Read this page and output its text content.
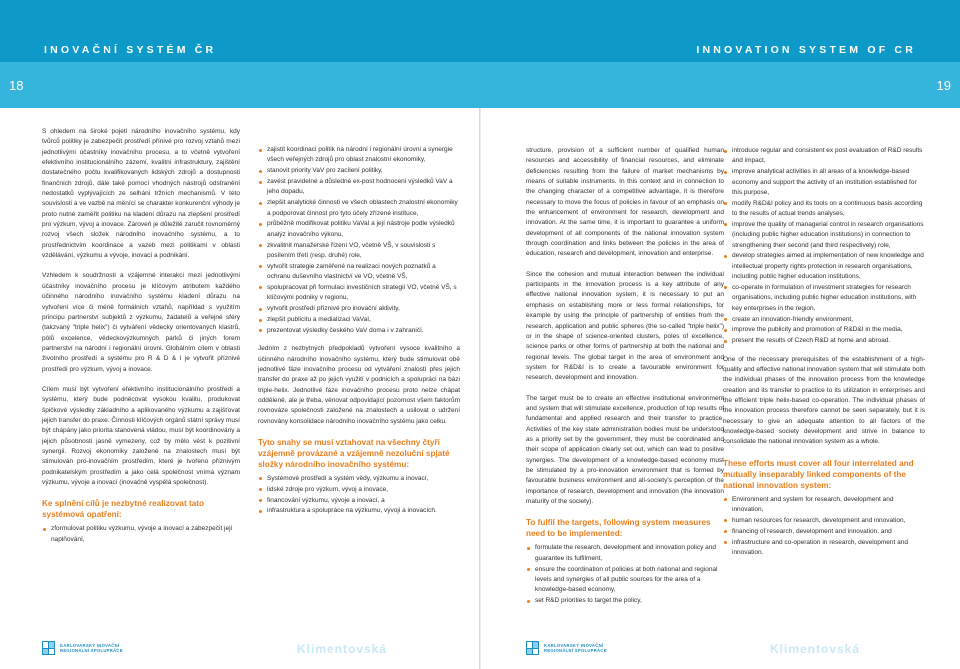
INOVAČNÍ SYSTÉM ČR	INNOVATION SYSTEM OF CR
18	19

S ohledem na široké pojetí národního inovačního systému, kdy tvůrců politiky je zabezpečit prostředí přínivé pro rozvoj vztahů mezi jednotlivými účastníky inovačního procesu, a to včetně vytvoření efektivního institucionálního zázemí, kvalitní infrastruktury, zajištění dostatečného počtu kvalifikovaných lidských zdrojů a dostupnosti finančních zdrojů, dále také pomocí vhodných nástrojů odstranění nedostatků vyplývajících ze selhání tržních mechanismů. V této souvislosti a ve vazbě na měnící se charakter konkurenční výhody je proto nutné zaměřit politiku na kladení důrazu na zlepšení prostředí pro výzkum, vývoj a inovace. Zároveň je důležité zaručit rovnoměrný rozvoj všech složek národního inovačního systému, a to prostřednictvím koordinace a vazeb mezi politikami v oblasti vzdělávání, výzkumu a vývoje, inovací a podnikání.

Vzhledem k soudržnosti a vzájemné interakci mezi jednotlivými účastníky inovačního procesu je klíčovým atributem každého účinného národního inovačního systému kladení důrazu na vytvoření více či méně formálních vztahů, například s využitím principu partnerství subjektů z výzkumu, žadatelů a veřejné sféry (takzvaný "triple helix") či vytváření vědecky orientovaných klastrů, pólů excelence, vědeckovýzkumných parků či jiných forem partnerství na národní i regionální úrovni. Globálním cílem v oblasti životního prostředí a systému pro R & D & I je vytvořit příznivé prostředí pro výzkum, vývoj a inovace.

Cílem musí být vytvoření efektivního institucionálního prostředí a systému, který bude podněcovat vysokou kvalitu, produkovat špičkové výsledky základního a aplikovaného výzkumu a zajišťovat jejich transfer do praxe. Činnosti klíčových orgánů státní správy musí být chápány jako priorita stanovená vládou, musí být koordinovány a jejich působnosti jasně vymezeny, což by mělo vést k pozitivní synergii. Rozvoj ekonomiky založené na znalostech musí být stimulován pro-inovačním prostředím, které je tvořeno příznivým podnikatelským prostředím a jako celá společnost vnímá význam výzkumu, vývoje a inovací (inovačně vyspělá společnost).

Ke splnění cílů je nezbytné realizovat tato systémová opatření:
zformulovat politiku výzkumu, vývoje a inovací a zabezpečit její naplňování,
zajistit koordinaci politik na národní i regionální úrovni a synergie všech veřejných zdrojů pro oblast znalostní ekonomiky,
stanovit priority VaV pro zacílení politiky,
zavést pravidelné a důsledné ex-post hodnocení výsledků VaV a jeho dopadu,
zlepšit analytické činnosti ve všech oblastech znalostní ekonomiky a podporovat činnost pro tyto účely zřízené instituce,
průběžně modifikovat politiku VaVaI a její nástroje podle výsledků analýz inovačního výkonu,
zkvalitnit manažerské řízení VO, včetně VŠ, v souvislosti s posílením třetí (resp. druhé) role,
vytvořit strategie zaměřené na realizaci nových poznatků a ochranu duševního vlastnictví ve VO, včetně VŠ,
spolupracovat při formulaci investičních strategií VO, včetně VŠ, s klíčovými podniky v regionu,
vytvořit prostředí příznivé pro inovační aktivity,
zlepšit publicitu a medializaci VaVaI,
prezentovat výsledky českého VaV doma i v zahraničí.

Jedním z nezbytných předpokladů vytvoření vysoce kvalitního a účinného národního inovačního systému, který bude stimulovat obě jednotlivé fáze inovačního procesu od vytváření znalostí přes jejich transfer do praxe až po jejich využití v podnicích a spolupráci na bázi triple-helix. Jednotlivé fáze inovačního procesu proto nelze chápat odděleně, ale je třeba, věnovat odpovídající pozornost všem faktorům rovnováze společnosti založené na znalostech a usilovat o udržení rovnovány konsolidace národního inovačního systému jako celku.

Tyto snahy se musí vztahovat na všechny čtyři vzájemně provázané a vzájemně nezoluční spjaté složky národního inovačního systému:
Systémové prostředí a systém vědy, výzkumu a inovací,
lidské zdroje pro výzkum, vývoj a inovace,
financování výzkumu, vývoje a inovací, a
infrastruktura a spolupráce na výzkumu, vývoji a inovacích.

structure, provision of a sufficient number of qualified human resources and accessibility of financial resources, and eliminate deficiencies resulting from the failure of market mechanisms by means of suitable instruments. In this context and in connection to the changing character of a competitive advantage, it is therefore necessary to move the focus of policies in favour of an emphasis on the enhancement of environment for research, development and innovation. At the same time, it is important to guarantee a uniform development of all components of the national innovation system through coordination and links between the policies in the area of education, research and development, innovation and enterprise.

Since the cohesion and mutual interaction between the individual participants in the innovation process is a key attribute of any effective national innovation system, it is necessary to put an emphasis on establishing more or less formal relationships, for example by using the principle of partnership of entities from the research, application and public spheres (the so-called "triple helix") or in the shape of science-oriented clusters, poles of excellence, science parks or other forms of partnership at both the national and regional levels. The global target in the area of environment and system for R&D&I is to create a favourable environment for research, development and innovation.

The target must be to create an effective institutional environment and system that will stimulate excellence, production of top results of fundamental and applied research and their transfer to practice. Activities of the key state administration bodies must be understood as a priority set by the government, they must be coordinated and their scope of application clearly set out, which can lead to positive synergies. The development of a knowledge-based economy must be stimulated by a pro-innovation environment that is formed by favourable business environment and all-society's perception of the importance of research, development and innovation (the innovation maturity of the society).

To fulfil the targets, following system measures need to be implemented:
formulate the research, development and innovation policy and guarantee its fulfilment,
ensure the coordination of policies at both national and regional levels and synergies of all public sources for the area of a knowledge-based economy,
set R&D priorities to target the policy,
introduce regular and consistent ex post evaluation of R&D results and impact,
improve analytical activities in all areas of a knowledge-based economy and support the activity of an institution established for this purpose,
modify R&D&I policy and its tools on a continuous basis according to the results of actual trends analyses,
improve the quality of managerial control in research organisations (including public higher education institutions) in connection to strengthening their second (and third respectively) role,
develop strategies aimed at implementation of new knowledge and intellectual property rights protection in research organisations, including public higher education institutions,
co-operate in formulation of investment strategies for research organisations, including public higher education institutions, with key enterprises in the region,
create an innovation-friendly environment,
improve the publicity and promotion of R&D&I in the media,
present the results of Czech R&D at home and abroad.

One of the necessary prerequisites of the establishment of a high-quality and effective national innovation system that will stimulate both the individual phases of the innovation process from the knowledge creation and its transfer to practice to its utilization in enterprises and the efficient triple helix-based co-operation. The individual phases of the innovation process therefore cannot be seen separately, but it is necessary to give an adequate attention to all factors of the knowledge-based society development and strive in balance to consolidate the national innovation system as a whole.

These efforts must cover all four interrelated and mutually inseparably linked components of the national innovation system:
Environment and system for research, development and innovation,
human resources for research, development and innovation,
financing of research, development and innovation, and
infrastructure and co-operation in research, development and innovation.
KARLOVARSKÝ INOVAČNÍ REGIONÁLNÍ SPOLUPRÁCE	Klimentovská	KARLOVARSKÝ INOVAČNÍ REGIONÁLNÍ SPOLUPRÁCE	Klimentovská
